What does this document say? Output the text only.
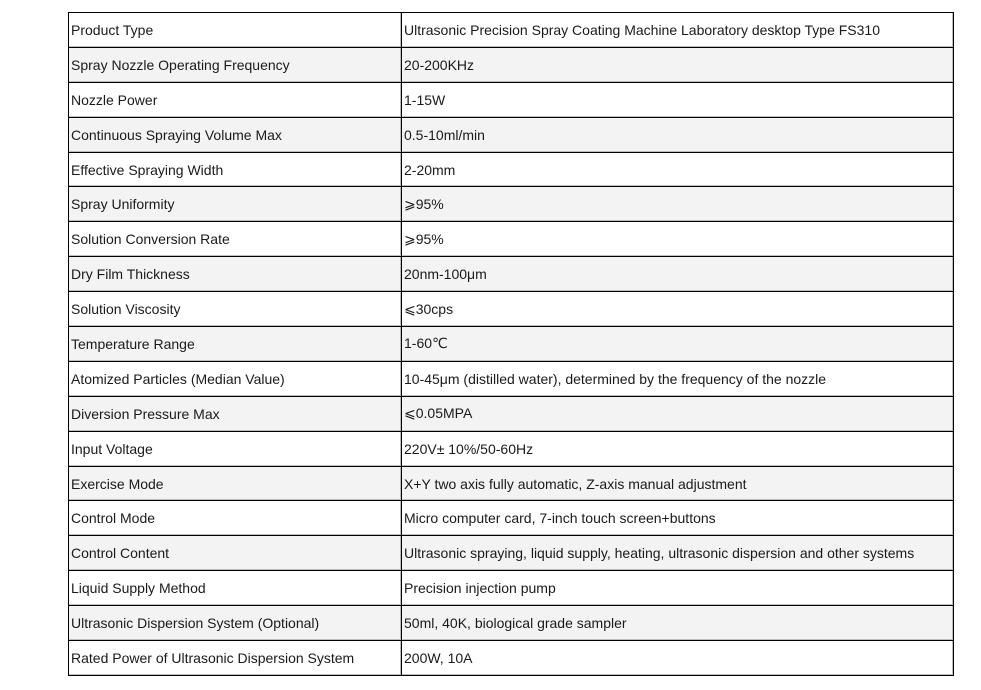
Product Type	Ultrasonic Precision Spray Coating Machine Laboratory desktop Type FS310
Spray Nozzle Operating Frequency	20-200KHz
Nozzle Power	1-15W
Continuous Spraying Volume Max	0.5-10ml/min
Effective Spraying Width	2-20mm
Spray Uniformity	⩾95%
Solution Conversion Rate	⩾95%
Dry Film Thickness	20nm-100μm
Solution Viscosity	⩽30cps
Temperature Range	1-60℃
Atomized Particles (Median Value)	10-45μm (distilled water), determined by the frequency of the nozzle
Diversion Pressure Max	⩽0.05MPA
Input Voltage	220V± 10%/50-60Hz
Exercise Mode	X+Y two axis fully automatic, Z-axis manual adjustment
Control Mode	Micro computer card, 7-inch touch screen+buttons
Control Content	Ultrasonic spraying, liquid supply, heating, ultrasonic dispersion and other systems
Liquid Supply Method	Precision injection pump
Ultrasonic Dispersion System (Optional)	50ml, 40K, biological grade sampler
Rated Power of Ultrasonic Dispersion System	200W, 10A
